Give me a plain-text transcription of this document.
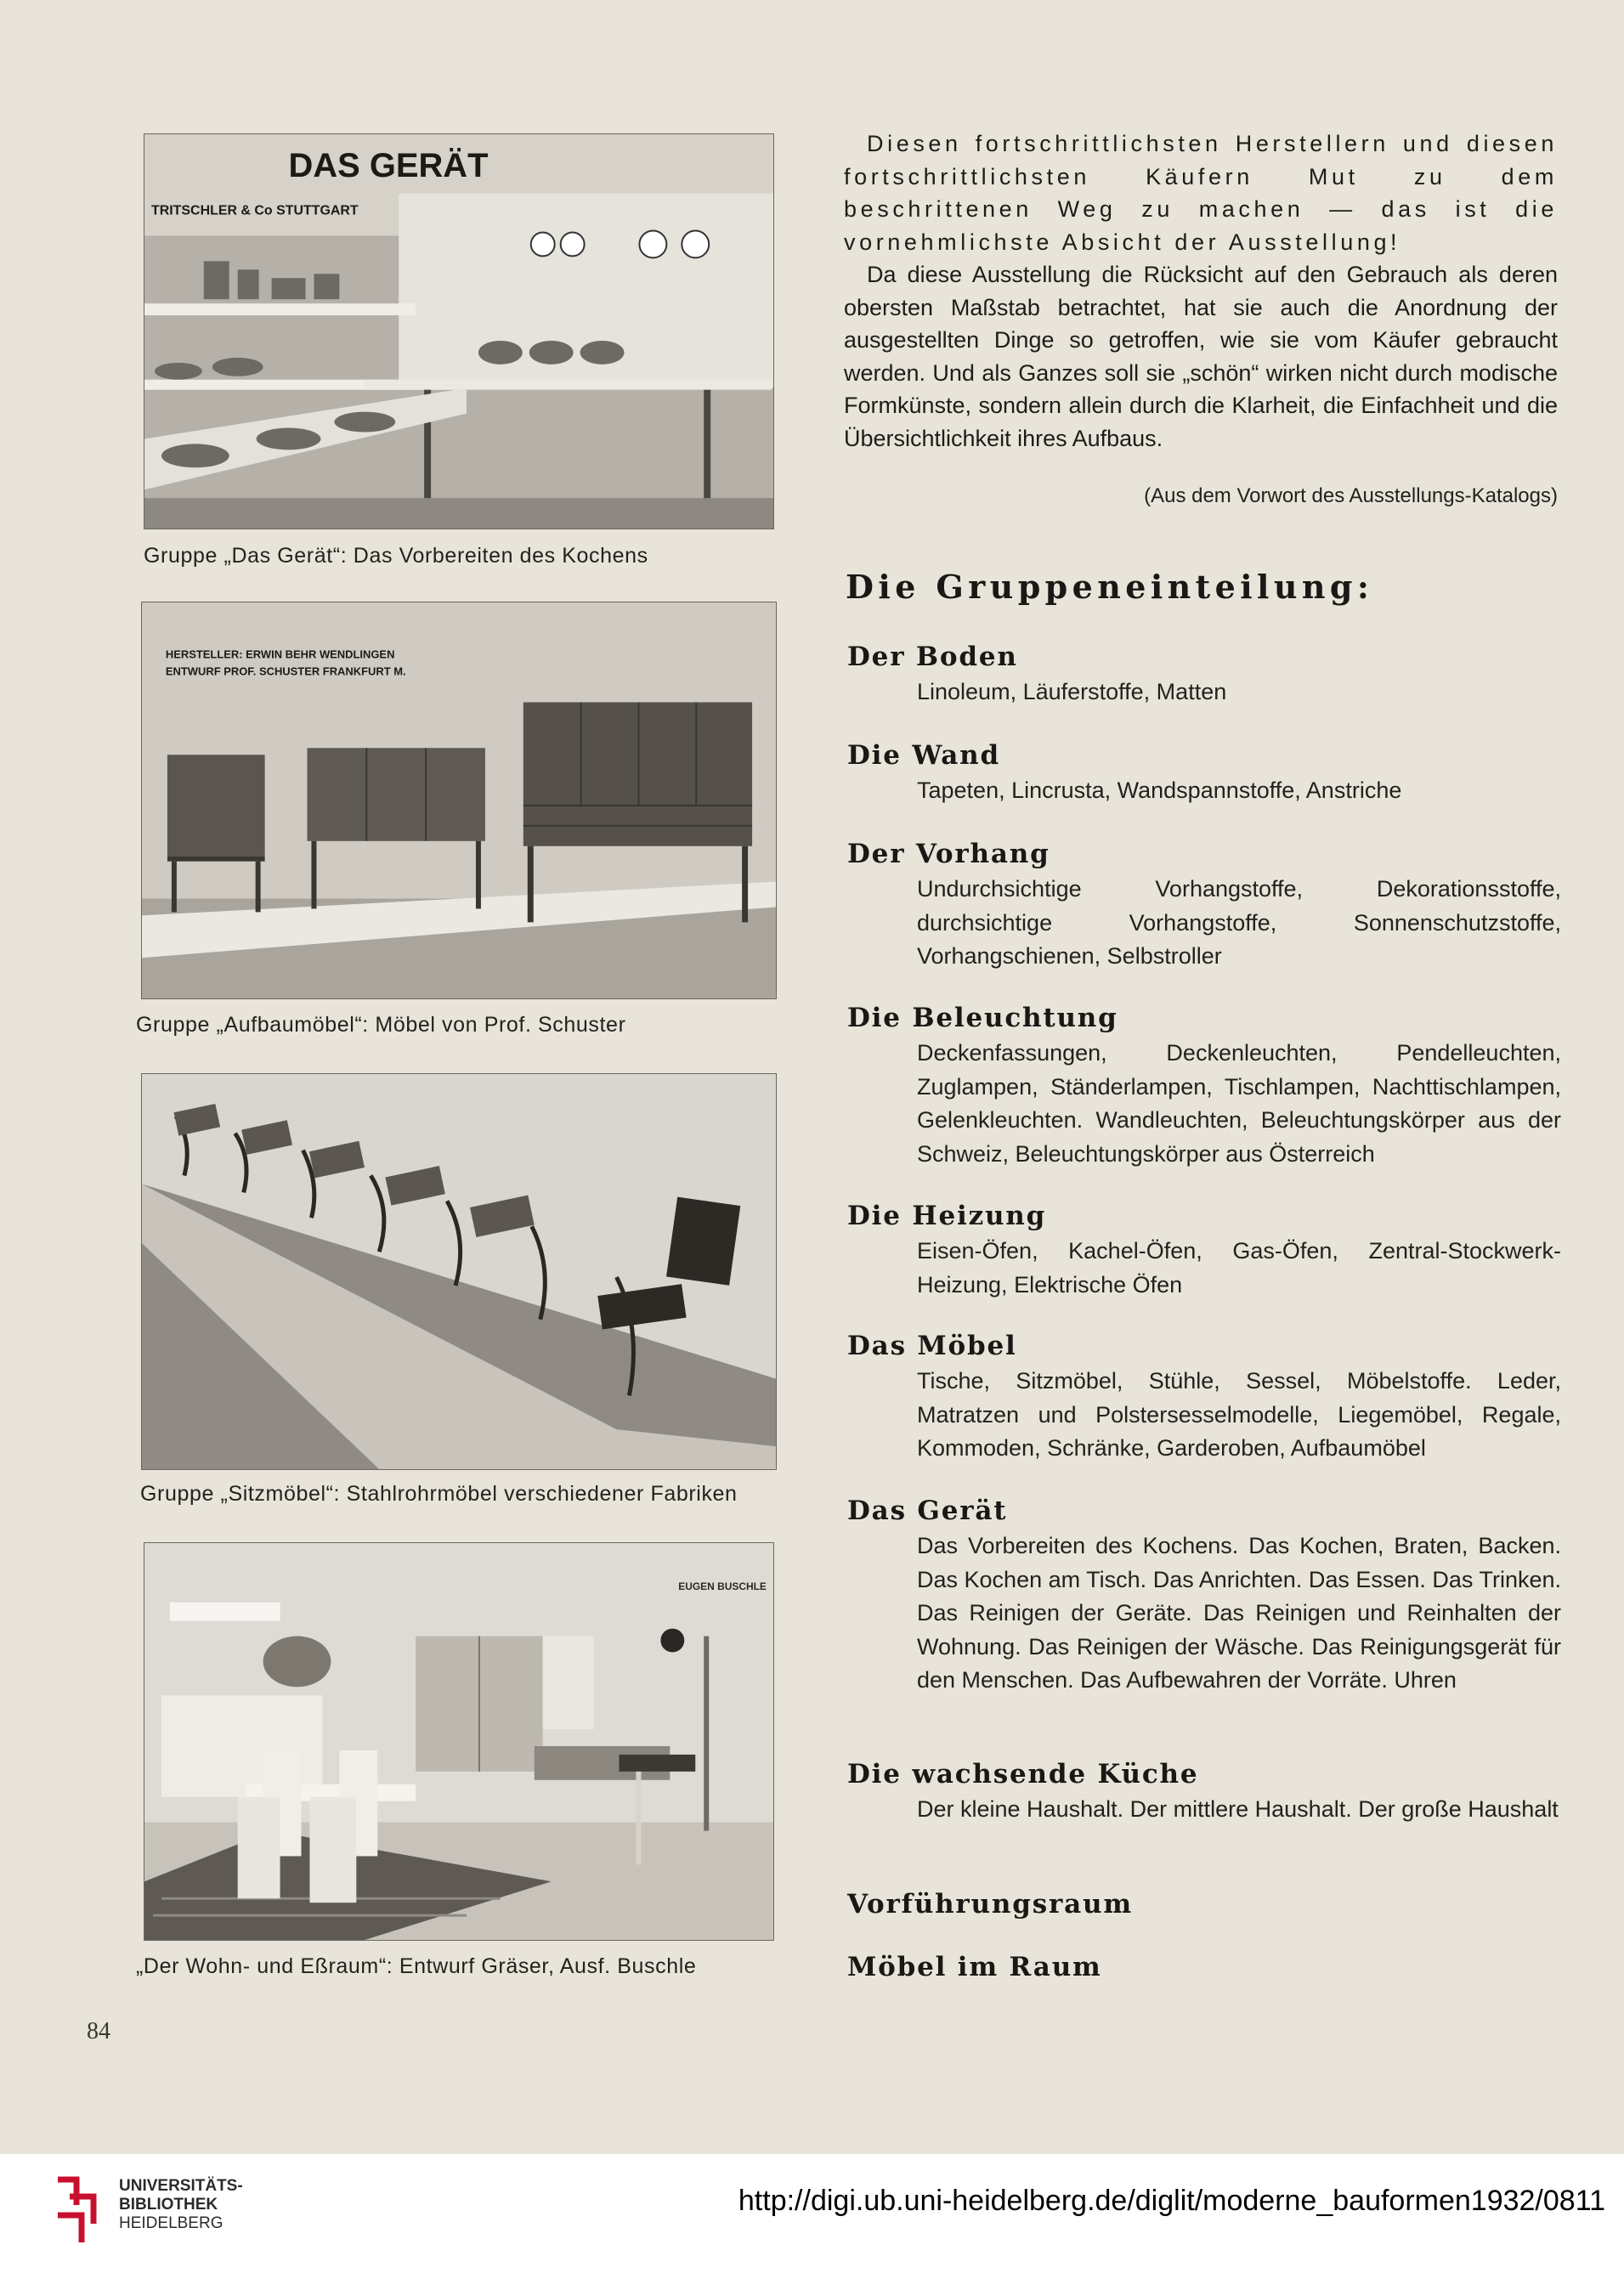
DAS GERÄT
TRITSCHLER & Co STUTTGART
Gruppe „Das Gerät“: Das Vorbereiten des Kochens
HERSTELLER: ERWIN BEHR WENDLINGEN
ENTWURF PROF. SCHUSTER FRANKFURT M.
Gruppe „Aufbaumöbel“: Möbel von Prof. Schuster
Gruppe „Sitzmöbel“: Stahlrohrmöbel verschiedener Fabriken
EUGEN BUSCHLE
„Der Wohn- und Eßraum“: Entwurf Gräser, Ausf. Buschle

Diesen fortschrittlichsten Herstellern und diesen fortschrittlichsten Käufern Mut zu dem beschrittenen Weg zu machen — das ist die vornehmlichste Absicht der Ausstellung!

Da diese Ausstellung die Rücksicht auf den Gebrauch als deren obersten Maßstab betrachtet, hat sie auch die Anordnung der ausgestellten Dinge so getroffen, wie sie vom Käufer gebraucht werden. Und als Ganzes soll sie „schön“ wirken nicht durch modische Formkünste, sondern allein durch die Klarheit, die Einfachheit und die Übersichtlichkeit ihres Aufbaus.

(Aus dem Vorwort des Ausstellungs-Katalogs)
Die Gruppeneinteilung:
Der Boden

Linoleum, Läuferstoffe, Matten

Die Wand

Tapeten, Lincrusta, Wandspannstoffe, Anstriche

Der Vorhang

Undurchsichtige Vorhangstoffe, Dekorationsstoffe, durchsichtige Vorhangstoffe, Sonnenschutzstoffe, Vorhangschienen, Selbstroller

Die Beleuchtung

Deckenfassungen, Deckenleuchten, Pendelleuchten, Zuglampen, Ständerlampen, Tischlampen, Nachttischlampen, Gelenkleuchten. Wandleuchten, Beleuchtungskörper aus der Schweiz, Beleuchtungskörper aus Österreich

Die Heizung

Eisen-Öfen, Kachel-Öfen, Gas-Öfen, Zentral-Stockwerk-Heizung, Elektrische Öfen

Das Möbel

Tische, Sitzmöbel, Stühle, Sessel, Möbelstoffe. Leder, Matratzen und Polstersesselmodelle, Liegemöbel, Regale, Kommoden, Schränke, Garderoben, Aufbaumöbel

Das Gerät

Das Vorbereiten des Kochens. Das Kochen, Braten, Backen. Das Kochen am Tisch. Das Anrichten. Das Essen. Das Trinken. Das Reinigen der Geräte. Das Reinigen und Reinhalten der Wohnung. Das Reinigen der Wäsche. Das Reinigungsgerät für den Menschen. Das Aufbewahren der Vorräte. Uhren

Die wachsende Küche

Der kleine Haushalt. Der mittlere Haushalt. Der große Haushalt

Vorführungsraum
Möbel im Raum
84
UNIVERSITÄTS-
BIBLIOTHEK
HEIDELBERG
http://digi.ub.uni-heidelberg.de/diglit/moderne_bauformen1932/0811
